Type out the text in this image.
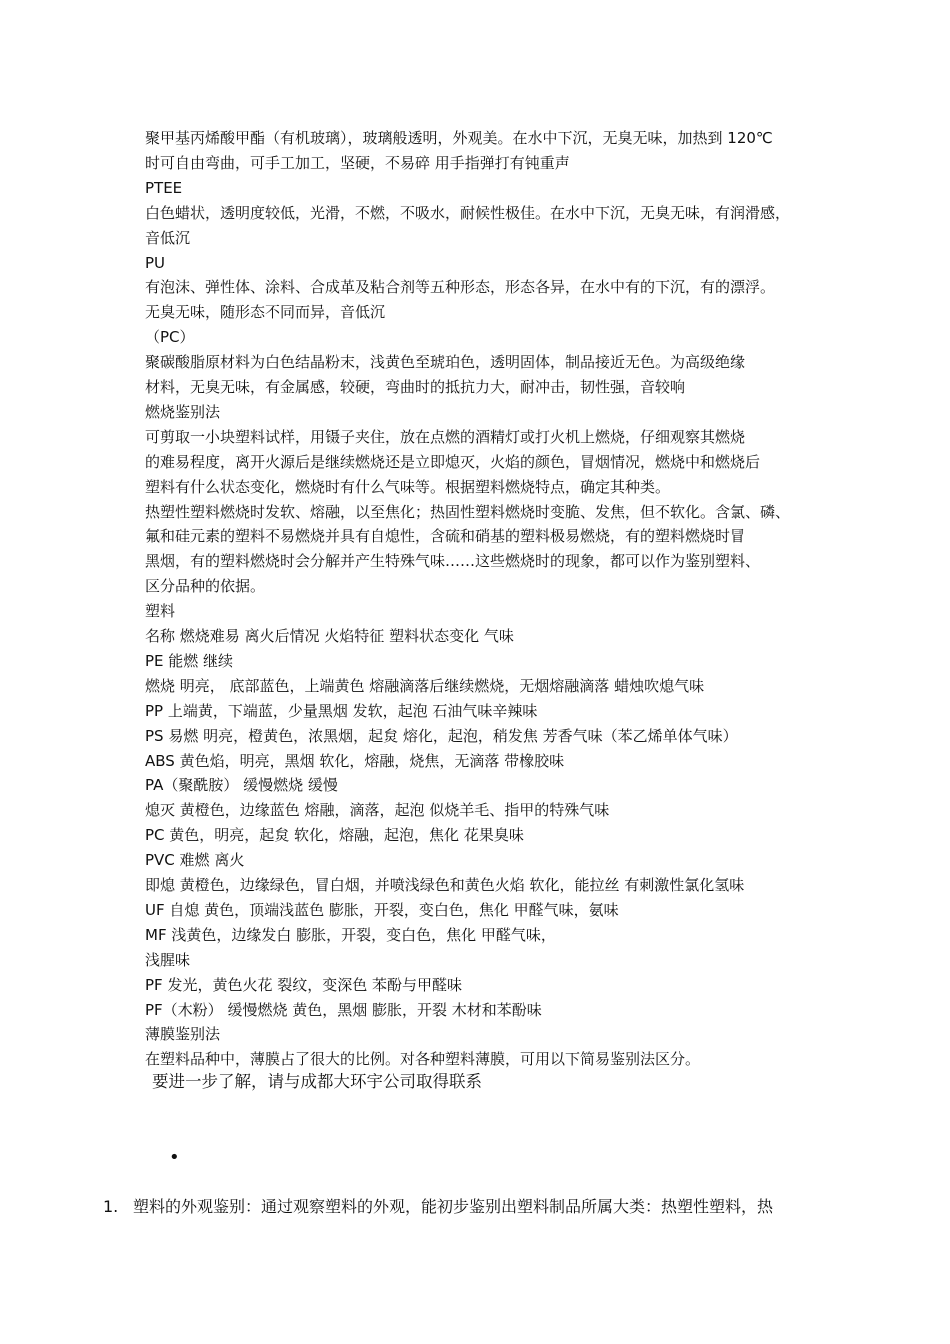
聚甲基丙烯酸甲酯（有机玻璃），玻璃般透明，外观美。在水中下沉，无臭无味，加热到 120℃
时可自由弯曲，可手工加工，坚硬，不易碎 用手指弹打有钝重声
PTEE
白色蜡状，透明度较低，光滑，不燃，不吸水，耐候性极佳。在水中下沉，无臭无味，有润滑感，
音低沉
PU
有泡沫、弹性体、涂料、合成革及粘合剂等五种形态，形态各异，在水中有的下沉，有的漂浮。
无臭无味，随形态不同而异，音低沉
（PC）
聚碳酸脂原材料为白色结晶粉末，浅黄色至琥珀色，透明固体，制品接近无色。为高级绝缘
材料，无臭无味，有金属感，较硬，弯曲时的抵抗力大，耐冲击，韧性强，音较响
燃烧鉴别法
可剪取一小块塑料试样，用镊子夹住，放在点燃的酒精灯或打火机上燃烧，仔细观察其燃烧
的难易程度，离开火源后是继续燃烧还是立即熄灭，火焰的颜色，冒烟情况，燃烧中和燃烧后
塑料有什么状态变化，燃烧时有什么气味等。根据塑料燃烧特点，确定其种类。
热塑性塑料燃烧时发软、熔融，以至焦化；热固性塑料燃烧时变脆、发焦，但不软化。含氯、磷、
氟和硅元素的塑料不易燃烧并具有自熄性，含硫和硝基的塑料极易燃烧，有的塑料燃烧时冒
黑烟，有的塑料燃烧时会分解并产生特殊气味……这些燃烧时的现象，都可以作为鉴别塑料、
区分品种的依据。
塑料
名称 燃烧难易 离火后情况 火焰特征 塑料状态变化 气味
PE 能燃 继续
燃烧 明亮， 底部蓝色，上端黄色 熔融滴落后继续燃烧，无烟熔融滴落 蜡烛吹熄气味
PP 上端黄，下端蓝，少量黑烟 发软，起泡 石油气味辛辣味
PS 易燃 明亮，橙黄色，浓黑烟，起炱 熔化，起泡，稍发焦 芳香气味（苯乙烯单体气味）
ABS 黄色焰，明亮，黑烟 软化，熔融，烧焦，无滴落 带橡胶味
PA（聚酰胺） 缓慢燃烧 缓慢
熄灭 黄橙色，边缘蓝色 熔融，滴落，起泡 似烧羊毛、指甲的特殊气味
PC 黄色，明亮，起炱 软化，熔融，起泡，焦化 花果臭味
PVC 难燃 离火
即熄 黄橙色，边缘绿色，冒白烟，并喷浅绿色和黄色火焰 软化，能拉丝 有刺激性氯化氢味
UF 自熄 黄色，顶端浅蓝色 膨胀，开裂，变白色，焦化 甲醛气味，氨味
MF 浅黄色，边缘发白 膨胀，开裂，变白色，焦化 甲醛气味，
浅腥味
PF 发光，黄色火花 裂纹，变深色 苯酚与甲醛味
PF（木粉） 缓慢燃烧 黄色，黑烟 膨胀，开裂 木材和苯酚味
薄膜鉴别法
在塑料品种中，薄膜占了很大的比例。对各种塑料薄膜，可用以下简易鉴别法区分。
要进一步了解，请与成都大环宇公司取得联系
•
1. 塑料的外观鉴别：通过观察塑料的外观，能初步鉴别出塑料制品所属大类：热塑性塑料，热
